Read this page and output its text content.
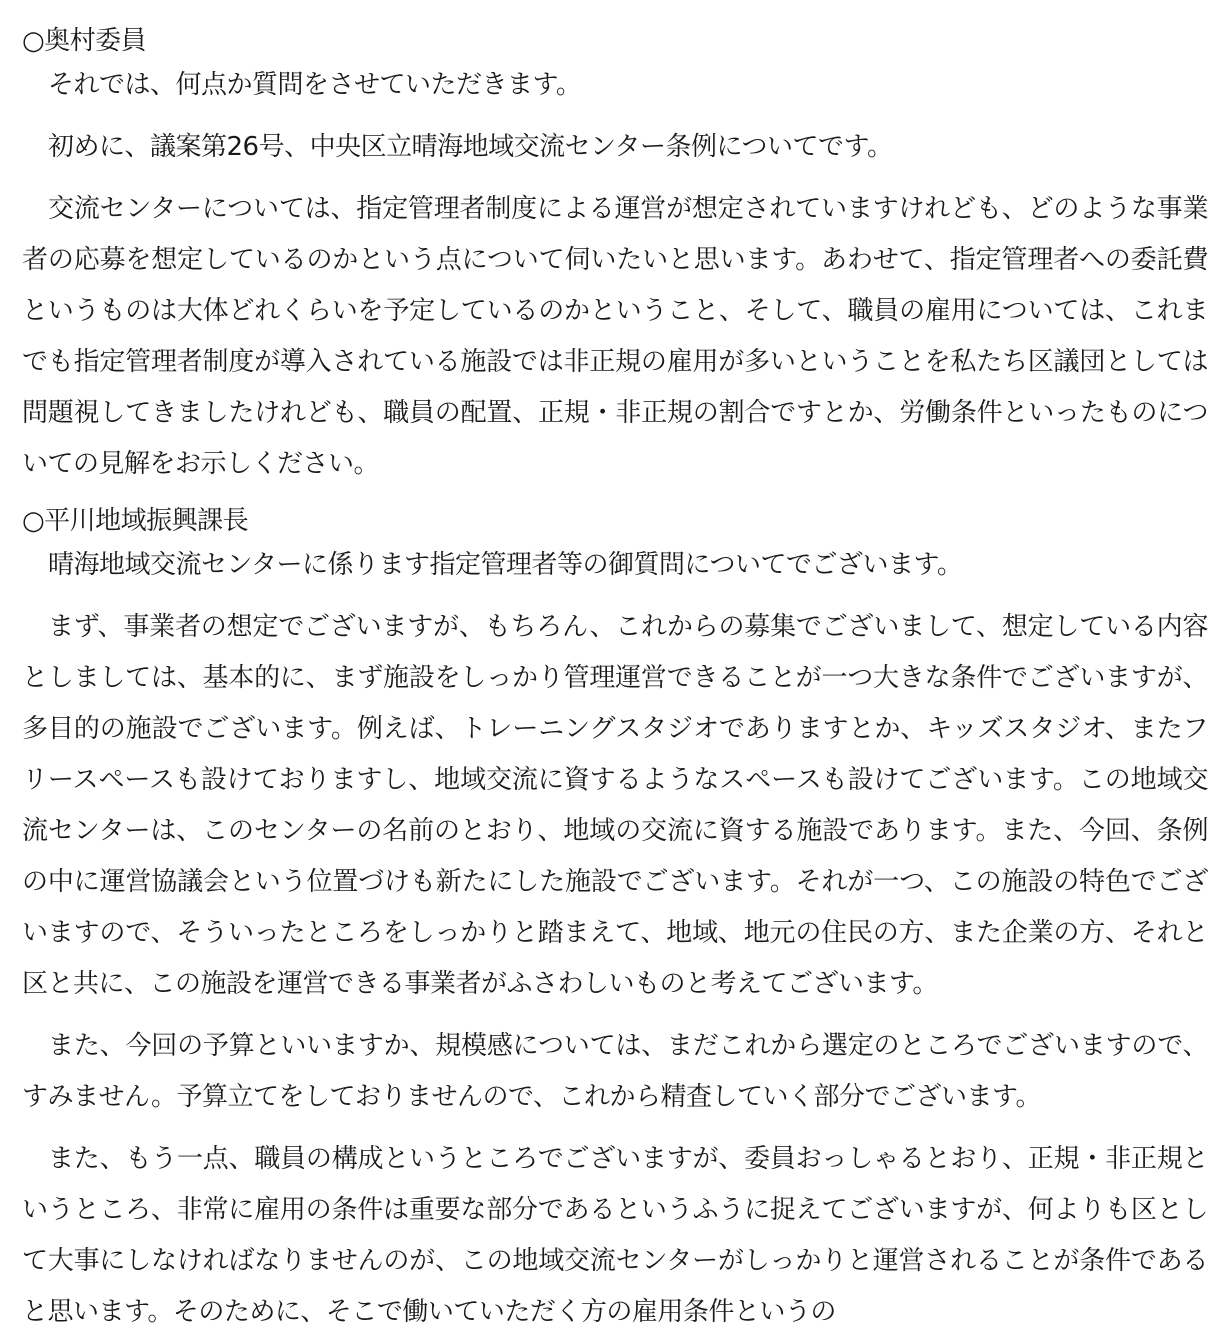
○奥村委員

それでは、何点か質問をさせていただきます。

初めに、議案第26号、中央区立晴海地域交流センター条例についてです。

交流センターについては、指定管理者制度による運営が想定されていますけれども、どのような事業者の応募を想定しているのかという点について伺いたいと思います。あわせて、指定管理者への委託費というものは大体どれくらいを予定しているのかということ、そして、職員の雇用については、これまでも指定管理者制度が導入されている施設では非正規の雇用が多いということを私たち区議団としては問題視してきましたけれども、職員の配置、正規・非正規の割合ですとか、労働条件といったものについての見解をお示しください。

○平川地域振興課長

晴海地域交流センターに係ります指定管理者等の御質問についてでございます。

まず、事業者の想定でございますが、もちろん、これからの募集でございまして、想定している内容としましては、基本的に、まず施設をしっかり管理運営できることが一つ大きな条件でございますが、多目的の施設でございます。例えば、トレーニングスタジオでありますとか、キッズスタジオ、またフリースペースも設けておりますし、地域交流に資するようなスペースも設けてございます。この地域交流センターは、このセンターの名前のとおり、地域の交流に資する施設であります。また、今回、条例の中に運営協議会という位置づけも新たにした施設でございます。それが一つ、この施設の特色でございますので、そういったところをしっかりと踏まえて、地域、地元の住民の方、また企業の方、それと区と共に、この施設を運営できる事業者がふさわしいものと考えてございます。

また、今回の予算といいますか、規模感については、まだこれから選定のところでございますので、すみません。予算立てをしておりませんので、これから精査していく部分でございます。

また、もう一点、職員の構成というところでございますが、委員おっしゃるとおり、正規・非正規というところ、非常に雇用の条件は重要な部分であるというふうに捉えてございますが、何よりも区として大事にしなければなりませんのが、この地域交流センターがしっかりと運営されることが条件であると思います。そのために、そこで働いていただく方の雇用条件というの
